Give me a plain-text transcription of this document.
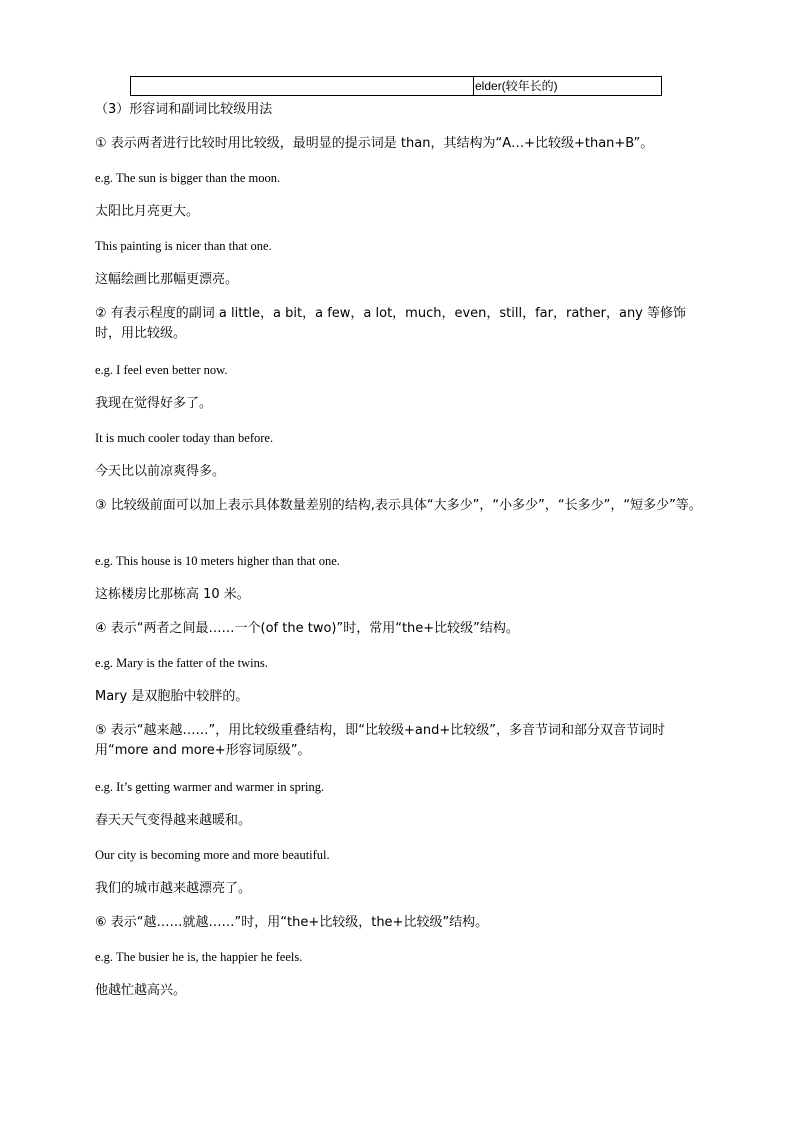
elder(较年长的)
（3）形容词和副词比较级用法
① 表示两者进行比较时用比较级，最明显的提示词是 than，其结构为“A…+比较级+than+B”。
e.g. The sun is bigger than the moon.
太阳比月亮更大。
This painting is nicer than that one.
这幅绘画比那幅更漂亮。
② 有表示程度的副词 a little，a bit，a few，a lot，much，even，still，far，rather，any 等修饰时，用比较级。
e.g. I feel even better now.
我现在觉得好多了。
It is much cooler today than before.
今天比以前凉爽得多。
③ 比较级前面可以加上表示具体数量差别的结构,表示具体“大多少”，“小多少”，“长多少”，“短多少”等。
e.g. This house is 10 meters higher than that one.
这栋楼房比那栋高 10 米。
④ 表示“两者之间最……一个(of the two)”时，常用“the+比较级”结构。
e.g. Mary is the fatter of the twins.
Mary 是双胞胎中较胖的。
⑤ 表示“越来越……”，用比较级重叠结构，即“比较级+and+比较级”，多音节词和部分双音节词时用“more and more+形容词原级”。
e.g. It’s getting warmer and warmer in spring.
春天天气变得越来越暖和。
Our city is becoming more and more beautiful.
我们的城市越来越漂亮了。
⑥ 表示“越……就越……”时，用“the+比较级，the+比较级”结构。
e.g. The busier he is, the happier he feels.
他越忙越高兴。
